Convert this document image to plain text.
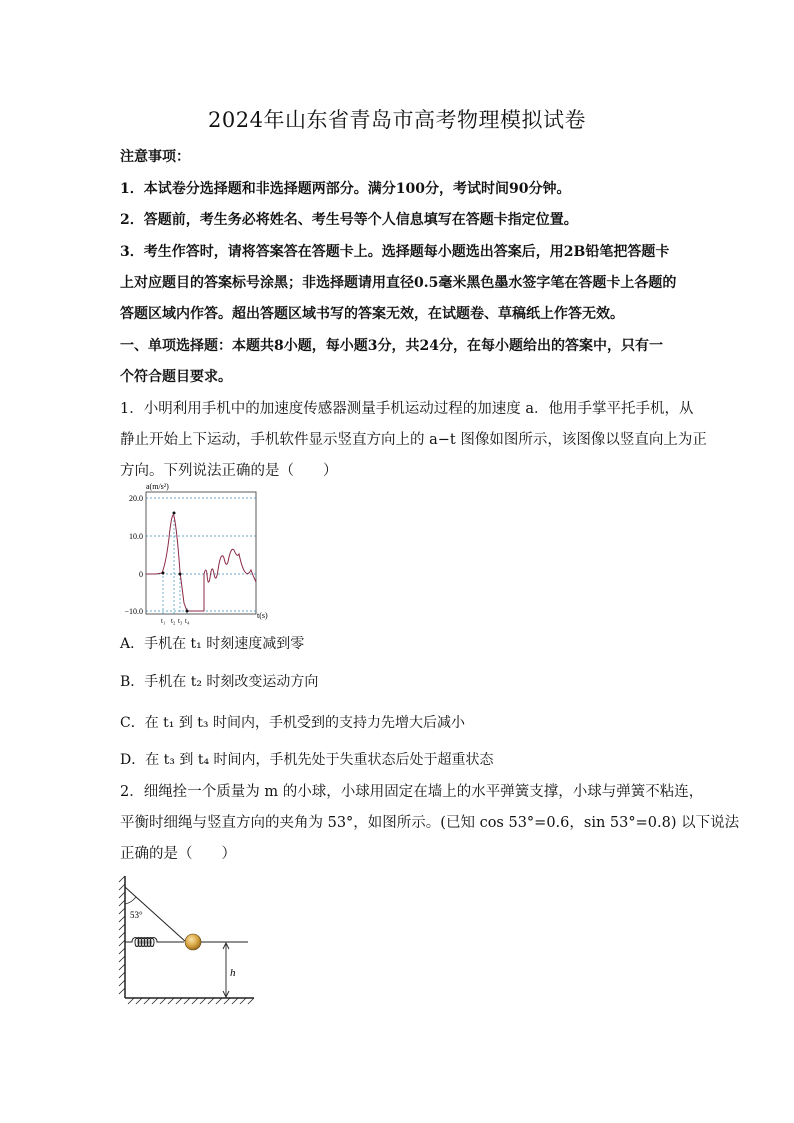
2024年山东省青岛市高考物理模拟试卷
注意事项：
1．本试卷分选择题和非选择题两部分。满分100分，考试时间90分钟。
2．答题前，考生务必将姓名、考生号等个人信息填写在答题卡指定位置。
3．考生作答时，请将答案答在答题卡上。选择题每小题选出答案后，用2B铅笔把答题卡
上对应题目的答案标号涂黑；非选择题请用直径0.5毫米黑色墨水签字笔在答题卡上各题的
答题区域内作答。超出答题区域书写的答案无效，在试题卷、草稿纸上作答无效。
一、单项选择题：本题共8小题，每小题3分，共24分，在每小题给出的答案中，只有一
个符合题目要求。
1．小明利用手机中的加速度传感器测量手机运动过程的加速度 a．他用手掌平托手机，从
静止开始上下运动，手机软件显示竖直方向上的 a−t 图像如图所示，该图像以竖直向上为正
方向。下列说法正确的是（　　）
a(m/s²)
20.0
10.0
0
−10.0
t₁ t₂ t₃ t₄
t(s)
A．手机在 t₁ 时刻速度减到零
B．手机在 t₂ 时刻改变运动方向
C．在 t₁ 到 t₃ 时间内，手机受到的支持力先增大后减小
D．在 t₃ 到 t₄ 时间内，手机先处于失重状态后处于超重状态
2．细绳拴一个质量为 m 的小球，小球用固定在墙上的水平弹簧支撑，小球与弹簧不粘连，
平衡时细绳与竖直方向的夹角为 53°，如图所示。(已知 cos 53°=0.6，sin 53°=0.8) 以下说法
正确的是（　　）
53°
h
